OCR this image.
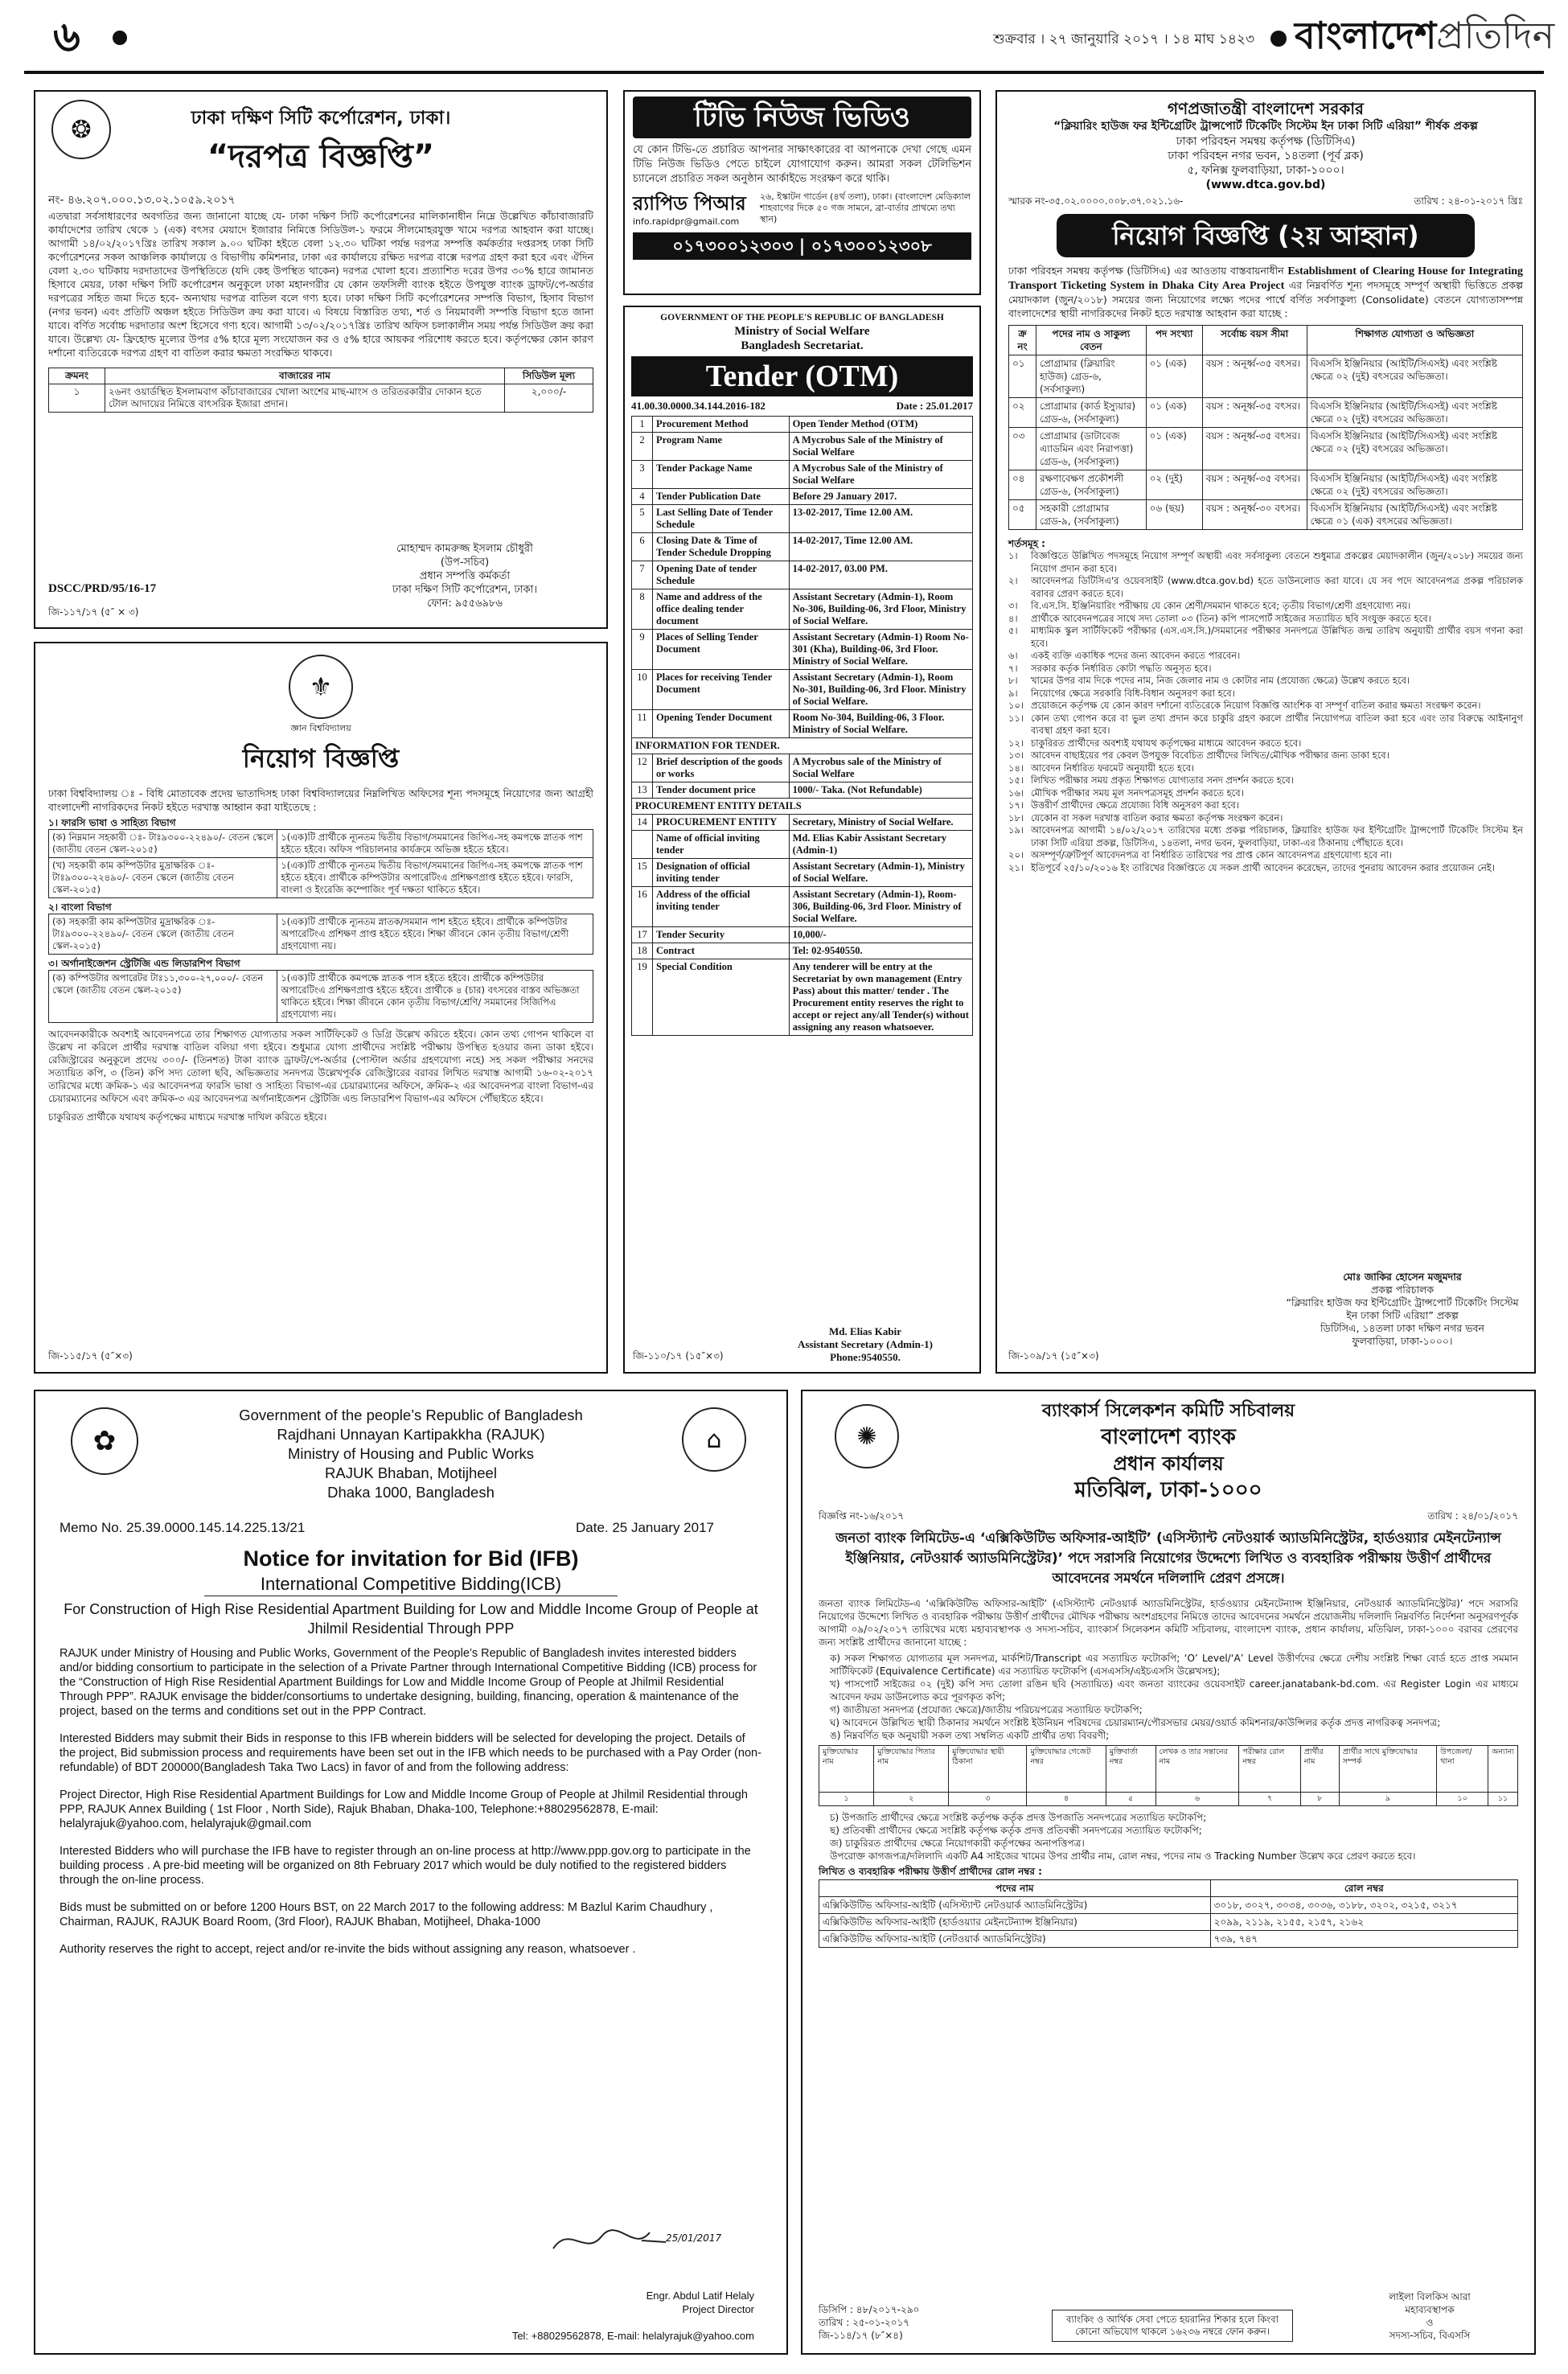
৬	শুক্রবার । ২৭ জানুয়ারি ২০১৭ । ১৪ মাঘ ১৪২৩ বাংলাদেশপ্রতিদিন
❂	ঢাকা দক্ষিণ সিটি কর্পোরেশন, ঢাকা।
“দরপত্র বিজ্ঞপ্তি”
নং- ৪৬.২০৭.০০০.১৩.০২.১০৫৯.২০১৭
এতদ্বারা সর্বসাধারণের অবগতির জন্য জানানো যাচ্ছে যে- ঢাকা দক্ষিণ সিটি কর্পোরেশনের মালিকানাধীন নিম্নে উল্লেখিত কাঁচাবাজারটি কার্যাদেশের তারিখ থেকে ১ (এক) বৎসর মেয়াদে ইজারার নিমিত্তে সিডিউল-১ ফরমে সীলমোহরযুক্ত খামে দরপত্র আহবান করা যাচ্ছে। আগামী ১৪/০২/২০১৭খ্রিঃ তারিখ সকাল ৯.০০ ঘটিকা হইতে বেলা ১২.৩০ ঘটিকা পর্যন্ত দরপত্র সম্পত্তি কর্মকর্তার দপ্তরসহ ঢাকা সিটি কর্পোরেশনের সকল আঞ্চলিক কার্যালয়ে ও বিভাগীয় কমিশনার, ঢাকা এর কার্যালয়ে রক্ষিত দরপত্র বাক্সে দরপত্র গ্রহণ করা হবে এবং ঐদিন বেলা ২.৩০ ঘটিকায় দরদাতাদের উপস্থিতিতে (যদি কেহ উপস্থিত থাকেন) দরপত্র খোলা হবে। প্রত্যাশিত দরের উপর ৩০% হারে জামানত হিসাবে মেয়র, ঢাকা দক্ষিণ সিটি কর্পোরেশন অনুকূলে ঢাকা মহানগরীর যে কোন তফসিলী ব্যাংক হইতে উপযুক্ত ব্যাংক ড্রাফট/পে-অর্ডার দরপত্রের সহিত জমা দিতে হবে- অন্যথায় দরপত্র বাতিল বলে গণ্য হবে। ঢাকা দক্ষিণ সিটি কর্পোরেশনের সম্পত্তি বিভাগ, হিসাব বিভাগ (নগর ভবন) এবং প্রতিটি অঞ্চল হইতে সিডিউল ক্রয় করা যাবে। এ বিষয়ে বিস্তারিত তথ্য, শর্ত ও নিয়মাবলী সম্পত্তি বিভাগ হতে জানা যাবে। বর্ণিত সর্বোচ্চ দরদাতার অংশ হিসেবে গণ্য হবে। আগামী ১৩/০২/২০১৭খ্রিঃ তারিখ অফিস চলাকালীন সময় পর্যন্ত সিডিউল ক্রয় করা যাবে। উল্লেখ্য যে- ফ্রিহোল্ড মূল্যের উপর ৫% হারে মূল্য সংযোজন কর ও ৫% হারে আয়কর পরিশোধ করতে হবে। কর্তৃপক্ষের কোন কারণ দর্শানো ব্যতিরেকে দরপত্র গ্রহণ বা বাতিল করার ক্ষমতা সংরক্ষিত থাকবে।
ক্রমনং	বাজারের নাম	সিডিউল মূল্য
১	২৬নং ওয়ার্ডস্থিত ইসলামবাগ কাঁচাবাজারের খোলা অংশের মাছ-মাংস ও তরিতরকারীর দোকান হতে টোল আদায়ের নিমিত্তে বাৎসরিক ইজারা প্রদান।	২,০০০/-
মোহাম্মদ কামরুজ্জ ইসলাম চৌধুরী
(উপ-সচিব)
প্রধান সম্পত্তি কর্মকর্তা
ঢাকা দক্ষিণ সিটি কর্পোরেশন, ঢাকা।
ফোন: ৯৫৫৬৯৮৬
DSCC/PRD/95/16-17
জি-১১৭/১৭ (৫″ × ৩)
⚜
জ্ঞান বিশ্ববিদ্যালয়
নিয়োগ বিজ্ঞপ্তি
ঢাকা বিশ্ববিদ্যালয় ঃ - বিধি মোতাবেক প্রদেয় ভাতাদিসহ ঢাকা বিশ্ববিদ্যালয়ের নিম্নলিখিত অফিসের শূন্য পদসমূহে নিয়োগের জন্য আগ্রহী বাংলাদেশী নাগরিকদের নিকট হইতে দরখাস্ত আহ্বান করা যাইতেছে :
১। ফারসি ভাষা ও সাহিত্য বিভাগ
(ক) নিম্নমান সহকারী ঃ- টাঃ৯৩০০-২২৪৯০/- বেতন স্কেলে (জাতীয় বেতন স্কেল-২০১৫)	১(এক)টি প্রার্থীকে ন্যূনতম দ্বিতীয় বিভাগ/সমমানের জিপিএ-সহ কমপক্ষে স্নাতক পাশ হইতে হইবে। অফিস পরিচালনার কার্যক্রমে অভিজ্ঞ হইতে হইবে।
(খ) সহকারী কাম কম্পিউটার মুদ্রাক্ষরিক ঃ- টাঃ৯৩০০-২২৪৯০/- বেতন স্কেলে (জাতীয় বেতন স্কেল-২০১৫)	১(এক)টি প্রার্থীকে ন্যূনতম দ্বিতীয় বিভাগ/সমমানের জিপিএ-সহ কমপক্ষে স্নাতক পাশ হইতে হইবে। প্রার্থীকে কম্পিউটার অপারেটিংএ প্রশিক্ষণপ্রাপ্ত হইতে হইবে। ফারসি, বাংলা ও ইংরেজি কম্পোজিং পূর্ব দক্ষতা থাকিতে হইবে।
২। বাংলা বিভাগ
(ক) সহকারী কাম কম্পিউটার মুদ্রাক্ষরিক ঃ- টাঃ৯৩০০-২২৪৯০/- বেতন স্কেলে (জাতীয় বেতন স্কেল-২০১৫)	১(এক)টি প্রার্থীকে ন্যূনতম স্নাতক/সমমান পাশ হইতে হইবে। প্রার্থীকে কম্পিউটার অপারেটিংএ প্রশিক্ষণ প্রাপ্ত হইতে হইবে। শিক্ষা জীবনে কোন তৃতীয় বিভাগ/শ্রেণী গ্রহণযোগ্য নয়।
৩। অর্গানাইজেশন স্ট্রেটিজি এন্ড লিডারশিপ বিভাগ
(ক) কম্পিউটার অপারেটর টাঃ১১,৩০০-২৭,০০০/- বেতন স্কেলে (জাতীয় বেতন স্কেল-২০১৫)	১(এক)টি প্রার্থীকে কমপক্ষে স্নাতক পাস হইতে হইবে। প্রার্থীকে কম্পিউটার অপারেটিংএ প্রশিক্ষণপ্রাপ্ত হইতে হইবে। প্রার্থীকে ৪ (চার) বৎসরের বাস্তব অভিজ্ঞতা থাকিতে হইবে। শিক্ষা জীবনে কোন তৃতীয় বিভাগ/শ্রেণি/ সমমানের সিজিপিএ গ্রহণযোগ্য নয়।
আবেদনকারীকে অবশ্যই আবেদনপত্রে তার শিক্ষাগত যোগ্যতার সকল সার্টিফিকেট ও ডিগ্রি উল্লেখ করিতে হইবে। কোন তথ্য গোপন থাকিলে বা উল্লেখ না করিলে প্রার্থীর দরখাস্ত বাতিল বলিয়া গণ্য হইবে। শুধুমাত্র যোগ্য প্রার্থীদের সংশ্লিষ্ট পরীক্ষায় উপস্থিত হওয়ার জন্য ডাকা হইবে। রেজিস্ট্রারের অনুকূলে প্রদেয় ৩০০/- (তিনশত) টাকা ব্যাংক ড্রাফট/পে-অর্ডার (পোস্টাল অর্ডার গ্রহণযোগ্য নহে) সহ সকল পরীক্ষার সনদের সত্যায়িত কপি, ৩ (তিন) কপি সদ্য তোলা ছবি, অভিজ্ঞতার সনদপত্র উল্লেখপূর্বক রেজিস্ট্রারের বরাবর লিখিত দরখাস্ত আগামী ১৬-০২-২০১৭ তারিখের মধ্যে ক্রমিক-১ এর আবেদনপত্র ফারসি ভাষা ও সাহিত্য বিভাগ-এর চেয়ারম্যানের অফিসে, ক্রমিক-২ এর আবেদনপত্র বাংলা বিভাগ-এর চেয়ারম্যানের অফিসে এবং ক্রমিক-৩ এর আবেদনপত্র অর্গানাইজেশন স্ট্রেটিজি এন্ড লিডারশিপ বিভাগ-এর অফিসে পৌঁছাইতে হইবে।
চাকুরিরত প্রার্থীকে যথাযথ কর্তৃপক্ষের মাধ্যমে দরখাস্ত দাখিল করিতে হইবে।
জি-১১৫/১৭ (৫″×৩)
টিভি নিউজ ভিডিও
যে কোন টিভি-তে প্রচারিত আপনার সাক্ষাৎকারের বা আপনাকে দেখা গেছে এমন টিভি নিউজ ভিডিও পেতে চাইলে যোগাযোগ করুন। আমরা সকল টেলিভিশন চ্যানেলে প্রচারিত সকল অনুষ্ঠান আর্কাইভে সংরক্ষণ করে থাকি।
র‍্যাপিড পিআর
info.rapidpr@gmail.com
২৬, ইস্কাটন গার্ডেন (৪র্থ তলা), ঢাকা। (বাংলাদেশ মেডিক্যাল শাহবাগের দিকে ৫০ গজ সামনে, ব্রা-বার্তার প্রাথম্যে তথ্য স্থান)
০১৭৩০০১২৩০৩ | ০১৭৩০০১২৩০৮
GOVERNMENT OF THE PEOPLE'S REPUBLIC OF BANGLADESH
Ministry of Social Welfare
Bangladesh Secretariat.
Tender (OTM)
41.00.30.0000.34.144.2016-182	Date : 25.01.2017
1	Procurement Method	Open Tender Method (OTM)
2	Program Name	A Mycrobus Sale of the Ministry of Social Welfare
3	Tender Package Name	A Mycrobus Sale of the Ministry of Social Welfare
4	Tender Publication Date	Before 29 January 2017.
5	Last Selling Date of Tender Schedule	13-02-2017, Time 12.00 AM.
6	Closing Date & Time of Tender Schedule Dropping	14-02-2017, Time 12.00 AM.
7	Opening Date of tender Schedule	14-02-2017, 03.00 PM.
8	Name and address of the office dealing tender document	Assistant Secretary (Admin-1), Room No-306, Building-06, 3rd Floor, Ministry of Social Welfare.
9	Places of Selling Tender Document	Assistant Secretary (Admin-1) Room No-301 (Kha), Building-06, 3rd Floor. Ministry of Social Welfare.
10	Places for receiving Tender Document	Assistant Secretary (Admin-1), Room No-301, Building-06, 3rd Floor. Ministry of Social Welfare.
11	Opening Tender Document	Room No-304, Building-06, 3 Floor. Ministry of Social Welfare.
INFORMATION FOR TENDER.		
12	Brief description of the goods or works	A Mycrobus sale of the Ministry of Social Welfare
13	Tender document price	1000/- Taka. (Not Refundable)
PROCUREMENT ENTITY DETAILS		
14	PROCUREMENT ENTITY	Secretary, Ministry of Social Welfare.
	Name of official inviting tender	Md. Elias Kabir Assistant Secretary (Admin-1)
15	Designation of official inviting tender	Assistant Secretary (Admin-1), Ministry of Social Welfare.
16	Address of the official inviting tender	Assistant Secretary (Admin-1), Room-306, Building-06, 3rd Floor. Ministry of Social Welfare.
17	Tender Security	10,000/-
18	Contract	Tel: 02-9540550.
19	Special Condition	Any tenderer will be entry at the Secretariat by own management (Entry Pass) about this matter/ tender . The Procurement entity reserves the right to accept or reject any/all Tender(s) without assigning any reason whatsoever.
Md. Elias Kabir
Assistant Secretary (Admin-1)
Phone:9540550.
জি-১১০/১৭ (১৫″×৩)
গণপ্রজাতন্ত্রী বাংলাদেশ সরকার
“ক্লিয়ারিং হাউজ ফর ইন্টিগ্রেটিং ট্রান্সপোর্ট টিকেটিং সিস্টেম ইন ঢাকা সিটি এরিয়া” শীর্ষক প্রকল্প
ঢাকা পরিবহন সমন্বয় কর্তৃপক্ষ (ডিটিসিএ)
ঢাকা পরিবহন নগর ভবন, ১৪তলা (পূর্ব ব্লক)
৫, ফনিক্স ফুলবাড়িয়া, ঢাকা-১০০০।
(www.dtca.gov.bd)
স্মারক নং-৩৫.০২.০০০০.০০৮.৩৭.০২১.১৬-	তারিখ : ২৪-০১-২০১৭ খ্রিঃ
নিয়োগ বিজ্ঞপ্তি (২য় আহ্বান)
ঢাকা পরিবহন সমন্বয় কর্তৃপক্ষ (ডিটিসিএ) এর আওতায় বাস্তবায়নাধীন Establishment of Clearing House for Integrating Transport Ticketing System in Dhaka City Area Project এর নিম্নবর্ণিত শূন্য পদসমূহে সম্পূর্ণ অস্থায়ী ভিত্তিতে প্রকল্প মেয়াদকাল (জুন/২০১৮) সময়ের জন্য নিয়োগের লক্ষ্যে পদের পার্শ্বে বর্ণিত সর্বসাকুল্য (Consolidate) বেতনে যোগ্যতাসম্পন্ন বাংলাদেশের স্থায়ী নাগরিকদের নিকট হতে দরখাস্ত আহবান করা যাচ্ছে :
ক্র নং	পদের নাম ও সাকুল্য বেতন	পদ সংখ্যা	সর্বোচ্চ বয়স সীমা	শিক্ষাগত যোগ্যতা ও অভিজ্ঞতা
০১	প্রোগ্রামার (ক্লিয়ারিং হাউজ) গ্রেড-৬, (সর্বসাকুল্য)	০১ (এক)	বয়স : অনূর্ধ্ব-৩৫ বৎসর।	বিএসসি ইঞ্জিনিয়ার (আইটি/সিএসই) এবং সংশ্লিষ্ট ক্ষেত্রে ০২ (দুই) বৎসরের অভিজ্ঞতা।
০২	প্রোগ্রামার (কার্ড ইস্যুয়ার) গ্রেড-৬, (সর্বসাকুল্য)	০১ (এক)	বয়স : অনূর্ধ্ব-৩৫ বৎসর।	বিএসসি ইঞ্জিনিয়ার (আইটি/সিএসই) এবং সংশ্লিষ্ট ক্ষেত্রে ০২ (দুই) বৎসরের অভিজ্ঞতা।
০৩	প্রোগ্রামার (ডাটাবেজ এ্যাডমিন এবং নিরাপত্তা) গ্রেড-৬, (সর্বসাকুল্য)	০১ (এক)	বয়স : অনূর্ধ্ব-৩৫ বৎসর।	বিএসসি ইঞ্জিনিয়ার (আইটি/সিএসই) এবং সংশ্লিষ্ট ক্ষেত্রে ০২ (দুই) বৎসরের অভিজ্ঞতা।
০৪	রক্ষণাবেক্ষণ প্রকৌশলী গ্রেড-৬, (সর্বসাকুল্য)	০২ (দুই)	বয়স : অনূর্ধ্ব-৩৫ বৎসর।	বিএসসি ইঞ্জিনিয়ার (আইটি/সিএসই) এবং সংশ্লিষ্ট ক্ষেত্রে ০২ (দুই) বৎসরের অভিজ্ঞতা।
০৫	সহকারী প্রোগ্রামার গ্রেড-৯, (সর্বসাকুল্য)	০৬ (ছয়)	বয়স : অনূর্ধ্ব-৩০ বৎসর।	বিএসসি ইঞ্জিনিয়ার (আইটি/সিএসই) এবং সংশ্লিষ্ট ক্ষেত্রে ০১ (এক) বৎসরের অভিজ্ঞতা।
শর্তসমূহ :
১।	বিজ্ঞপ্তিতে উল্লিখিত পদসমূহে নিয়োগ সম্পূর্ণ অস্থায়ী এবং সর্বসাকুল্য বেতনে শুধুমাত্র প্রকল্পের মেয়াদকালীন (জুন/২০১৮) সময়ের জন্য নিয়োগ প্রদান করা হবে।
২।	আবেদনপত্র ডিটিসিএ'র ওয়েবসাইট (www.dtca.gov.bd) হতে ডাউনলোড করা যাবে। যে সব পদে আবেদনপত্র প্রকল্প পরিচালক বরাবর প্রেরণ করতে হবে।
৩।	বি.এস.সি. ইঞ্জিনিয়ারিং পরীক্ষায় যে কোন শ্রেণী/সমমান থাকতে হবে; তৃতীয় বিভাগ/শ্রেণী গ্রহণযোগ্য নয়।
৪।	প্রার্থীকে আবেদনপত্রের সাথে সদ্য তোলা ০৩ (তিন) কপি পাসপোর্ট সাইজের সত্যায়িত ছবি সংযুক্ত করতে হবে।
৫।	মাধ্যমিক স্কুল সার্টিফিকেট পরীক্ষার (এস.এস.সি.)/সমমানের পরীক্ষার সনদপত্রে উল্লিখিত জন্ম তারিখ অনুযায়ী প্রার্থীর বয়স গণনা করা হবে।
৬।	একই ব্যক্তি একাধিক পদের জন্য আবেদন করতে পারবেন।
৭।	সরকার কর্তৃক নির্ধারিত কোটা পদ্ধতি অনুসৃত হবে।
৮।	খামের উপর বাম দিকে পদের নাম, নিজ জেলার নাম ও কোটার নাম (প্রযোজ্য ক্ষেত্রে) উল্লেখ করতে হবে।
৯।	নিয়োগের ক্ষেত্রে সরকারি বিধি-বিধান অনুসরণ করা হবে।
১০। প্রয়োজনে কর্তৃপক্ষ যে কোন কারণ দর্শানো ব্যতিরেকে নিয়োগ বিজ্ঞপ্তি আংশিক বা সম্পূর্ণ বাতিল করার ক্ষমতা সংরক্ষণ করেন।
১১। কোন তথ্য গোপন করে বা ভুল তথ্য প্রদান করে চাকুরি গ্রহণ করলে প্রার্থীর নিয়োগপত্র বাতিল করা হবে এবং তার বিরুদ্ধে আইনানুগ ব্যবস্থা গ্রহণ করা হবে।
১২। চাকুরিরত প্রার্থীদের অবশ্যই যথাযথ কর্তৃপক্ষের মাধ্যমে আবেদন করতে হবে।
১৩। আবেদন বাছাইয়ের পর কেবল উপযুক্ত বিবেচিত প্রার্থীদের লিখিত/মৌখিক পরীক্ষার জন্য ডাকা হবে।
১৪। আবেদন নির্ধারিত ফরমেট অনুযায়ী হতে হবে।
১৫। লিখিত পরীক্ষার সময় প্রকৃত শিক্ষাগত যোগ্যতার সনদ প্রদর্শন করতে হবে।
১৬। মৌখিক পরীক্ষার সময় মূল সনদপত্রসমূহ প্রদর্শন করতে হবে।
১৭। উত্তরীর্ণ প্রার্থীদের ক্ষেত্রে প্রযোজ্য বিধি অনুসরণ করা হবে।
১৮। যেকোন বা সকল দরখাস্ত বাতিল করার ক্ষমতা কর্তৃপক্ষ সংরক্ষণ করেন।
১৯। আবেদনপত্র আগামী ১৪/০২/২০১৭ তারিখের মধ্যে প্রকল্প পরিচালক, ক্লিয়ারিং হাউজ ফর ইন্টিগ্রেটিং ট্রান্সপোর্ট টিকেটিং সিস্টেম ইন ঢাকা সিটি এরিয়া প্রকল্প, ডিটিসিএ, ১৪তলা, নগর ভবন, ফুলবাড়িয়া, ঢাকা-এর ঠিকানায় পৌঁছাতে হবে।
২০। অসম্পূর্ণ/ত্রুটিপূর্ণ আবেদনপত্র বা নির্ধারিত তারিখের পর প্রাপ্ত কোন আবেদনপত্র গ্রহণযোগ্য হবে না।
২১। ইতিপূর্বে ২৫/১০/২০১৬ ইং তারিখের বিজ্ঞপ্তিতে যে সকল প্রার্থী আবেদন করেছেন, তাদের পুনরায় আবেদন করার প্রয়োজন নেই।
মোঃ জাকির হোসেন মজুমদার
প্রকল্প পরিচালক
“ক্লিয়ারিং হাউজ ফর ইন্টিগ্রেটিং ট্রান্সপোর্ট টিকেটিং সিস্টেম ইন ঢাকা সিটি এরিয়া” প্রকল্প
ডিটিসিএ, ১৪তলা ঢাকা দক্ষিণ নগর ভবন
ফুলবাড়িয়া, ঢাকা-১০০০।
জি-১০৯/১৭ (১৫″×৩)
✿	⌂
Government of the people’s Republic of Bangladesh
Rajdhani Unnayan Kartipakkha (RAJUK)
Ministry of Housing and Public Works
RAJUK Bhaban, Motijheel
Dhaka 1000, Bangladesh
Memo No. 25.39.0000.145.14.225.13/21	Date. 25 January 2017
Notice for invitation for Bid (IFB)
International Competitive Bidding(ICB)
For Construction of High Rise Residential Apartment Building for Low and Middle Income Group of People at Jhilmil Residential Through PPP

RAJUK under Ministry of Housing and Public Works, Government of the People’s Republic of Bangladesh invites interested bidders and/or bidding consortium to participate in the selection of a Private Partner through International Competitive Bidding (ICB) process for the “Construction of High Rise Residential Apartment Buildings for Low and Middle Income Group of People at Jhilmil Residential Through PPP”. RAJUK envisage the bidder/consortiums to undertake designing, building, financing, operation & maintenance of the project, based on the terms and conditions set out in the PPP Contract.

Interested Bidders may submit their Bids in response to this IFB wherein bidders will be selected for developing the project. Details of the project, Bid submission process and requirements have been set out in the IFB which needs to be purchased with a Pay Order (non-refundable) of BDT 200000(Bangladesh Taka Two Lacs) in favor of and from the following address:

Project Director, High Rise Residential Apartment Buildings for Low and Middle Income Group of People at Jhilmil Residential through PPP, RAJUK Annex Building ( 1st Floor , North Side), Rajuk Bhaban, Dhaka-100, Telephone:+88029562878, E-mail: helalyrajuk@yahoo.com, helalyrajuk@gmail.com

Interested Bidders who will purchase the IFB have to register through an on-line process at http://www.ppp.gov.org to participate in the building process . A pre-bid meeting will be organized on 8th February 2017 which would be duly notified to the registered bidders through the on-line process.

Bids must be submitted on or before 1200 Hours BST, on 22 March 2017 to the following address: M Bazlul Karim Chaudhury , Chairman, RAJUK, RAJUK Board Room, (3rd Floor), RAJUK Bhaban, Motijheel, Dhaka-1000

Authority reserves the right to accept, reject and/or re-invite the bids without assigning any reason, whatsoever .

25/01/2017
Engr. Abdul Latif Helaly
Project Director
Tel: +88029562878, E-mail: helalyrajuk@yahoo.com
✺
ব্যাংকার্স সিলেকশন কমিটি সচিবালয়
বাংলাদেশ ব্যাংক
প্রধান কার্যালয়
মতিঝিল, ঢাকা-১০০০
বিজ্ঞপ্তি নং-১৬/২০১৭	তারিখ : ২৪/০১/২০১৭
জনতা ব্যাংক লিমিটেড-এ ‘এক্সিকিউটিভ অফিসার-আইটি’ (এসিস্ট্যান্ট নেটওয়ার্ক অ্যাডমিনিস্ট্রেটর, হার্ডওয়্যার মেইনটেন্যান্স ইঞ্জিনিয়ার, নেটওয়ার্ক অ্যাডমিনিস্ট্রেটর)’ পদে সরাসরি নিয়োগের উদ্দেশ্যে লিখিত ও ব্যবহারিক পরীক্ষায় উত্তীর্ণ প্রার্থীদের আবেদনের সমর্থনে দলিলাদি প্রেরণ প্রসঙ্গে।
জনতা ব্যাংক লিমিটেড-এ ‘এক্সিকিউটিভ অফিসার-আইটি’ (এসিস্ট্যান্ট নেটওয়ার্ক অ্যাডমিনিস্ট্রেটর, হার্ডওয়্যার মেইনটেন্যান্স ইঞ্জিনিয়ার, নেটওয়ার্ক অ্যাডমিনিস্ট্রেটর)’ পদে সরাসরি নিয়োগের উদ্দেশ্যে লিখিত ও ব্যবহারিক পরীক্ষায় উত্তীর্ণ প্রার্থীদের মৌখিক পরীক্ষায় অংশগ্রহণের নিমিত্তে তাদের আবেদনের সমর্থনে প্রয়োজনীয় দলিলাদি নিম্নবর্ণিত নির্দেশনা অনুসরণপূর্বক আগামী ০৯/০২/২০১৭ তারিখের মধ্যে মহাব্যবস্থাপক ও সদস্য-সচিব, ব্যাংকার্স সিলেকশন কমিটি সচিবালয়, বাংলাদেশ ব্যাংক, প্রধান কার্যালয়, মতিঝিল, ঢাকা-১০০০ বরাবর প্রেরণের জন্য সংশ্লিষ্ট প্রার্থীদের জানানো যাচ্ছে :
ক) সকল শিক্ষাগত যোগ্যতার মূল সনদপত্র, মার্কশিট/Transcript এর সত্যায়িত ফটোকপি; ‘O’ Level/‘A’ Level উত্তীর্ণদের ক্ষেত্রে দেশীয় সংশ্লিষ্ট শিক্ষা বোর্ড হতে প্রাপ্ত সমমান সার্টিফিকেট (Equivalence Certificate) এর সত্যায়িত ফটোকপি (এসএসসি/এইচএসসি উল্লেখসহ);
খ) পাসপোর্ট সাইজের ০২ (দুই) কপি সদ্য তোলা রঙিন ছবি (সত্যায়িত) এবং জনতা ব্যাংকের ওয়েবসাইট career.janatabank-bd.com. এর Register Login এর মাধ্যমে আবেদন ফরম ডাউনলোড করে পূরণকৃত কপি;
গ) জাতীয়তা সনদপত্র (প্রযোজ্য ক্ষেত্রে)/জাতীয় পরিচয়পত্রের সত্যায়িত ফটোকপি;
ঘ) আবেদনে উল্লিখিত স্থায়ী ঠিকানার সমর্থনে সংশ্লিষ্ট ইউনিয়ন পরিষদের চেয়ারম্যান/পৌরসভার মেয়র/ওয়ার্ড কমিশনার/কাউন্সিলর কর্তৃক প্রদত্ত নাগরিকত্ব সনদপত্র;
ঙ) নিম্নবর্ণিত ছক অনুযায়ী সকল তথ্য সম্বলিত একটি প্রার্থীর তথ্য বিবরণী;
মুক্তিযোদ্ধার নাম	মুক্তিযোদ্ধার পিতার নাম	মুক্তিযোদ্ধার স্থায়ী ঠিকানা	মুক্তিযোদ্ধার গেজেট নম্বর	মুক্তিবার্তা নম্বর	লেখক ও তার সন্তানের নাম	পরীক্ষার রোল নম্বর	প্রার্থীর নাম	প্রার্থীর সাথে মুক্তিযোদ্ধার সম্পর্ক	উপজেলা/থানা	অন্যান্য
১	২	৩	৪	৫	৬	৭	৮	৯	১০	১১
চ) উপজাতি প্রার্থীদের ক্ষেত্রে সংশ্লিষ্ট কর্তৃপক্ষ কর্তৃক প্রদত্ত উপজাতি সনদপত্রের সত্যায়িত ফটোকপি;
ছ) প্রতিবন্ধী প্রার্থীদের ক্ষেত্রে সংশ্লিষ্ট কর্তৃপক্ষ কর্তৃক প্রদত্ত প্রতিবন্ধী সনদপত্রের সত্যায়িত ফটোকপি;
জ) চাকুরিরত প্রার্থীদের ক্ষেত্রে নিয়োগকারী কর্তৃপক্ষের অনাপত্তিপত্র।
উপরোক্ত কাগজপত্র/দলিলাদি একটি A4 সাইজের খামের উপর প্রার্থীর নাম, রোল নম্বর, পদের নাম ও Tracking Number উল্লেখ করে প্রেরণ করতে হবে।
লিখিত ও ব্যবহারিক পরীক্ষায় উত্তীর্ণ প্রার্থীদের রোল নম্বর :
পদের নাম	রোল নম্বর
এক্সিকিউটিভ অফিসার-আইটি (এসিস্ট্যান্ট নেটওয়ার্ক অ্যাডমিনিস্ট্রেটর)	৩০১৮, ৩০২৭, ৩০৩৪, ৩০৩৬, ৩১৮৮, ৩২০২, ৩২১৫, ৩২১৭
এক্সিকিউটিভ অফিসার-আইটি (হার্ডওয়্যার মেইনটেন্যান্স ইঞ্জিনিয়ার)	২০৯৯, ২১১৯, ২১৫৫, ২১৫৭, ২১৬২
এক্সিকিউটিভ অফিসার-আইটি (নেটওয়ার্ক অ্যাডমিনিস্ট্রেটর)	৭৩৯, ৭৪৭
ডিসিপি : ৪৮/২০১৭-২৯০
তারিখ : ২৫-০১-২০১৭
জি-১১৪/১৭ (৮″×৪)
ব্যাংকিং ও আর্থিক সেবা পেতে হয়রানির শিকার হলে কিংবা কোনো অভিযোগ থাকলে ১৬২৩৬ নম্বরে ফোন করুন।
লাইলা বিলকিস আরা
মহাব্যবস্থাপক
ও
সদস্য-সচিব, বিএসসি
